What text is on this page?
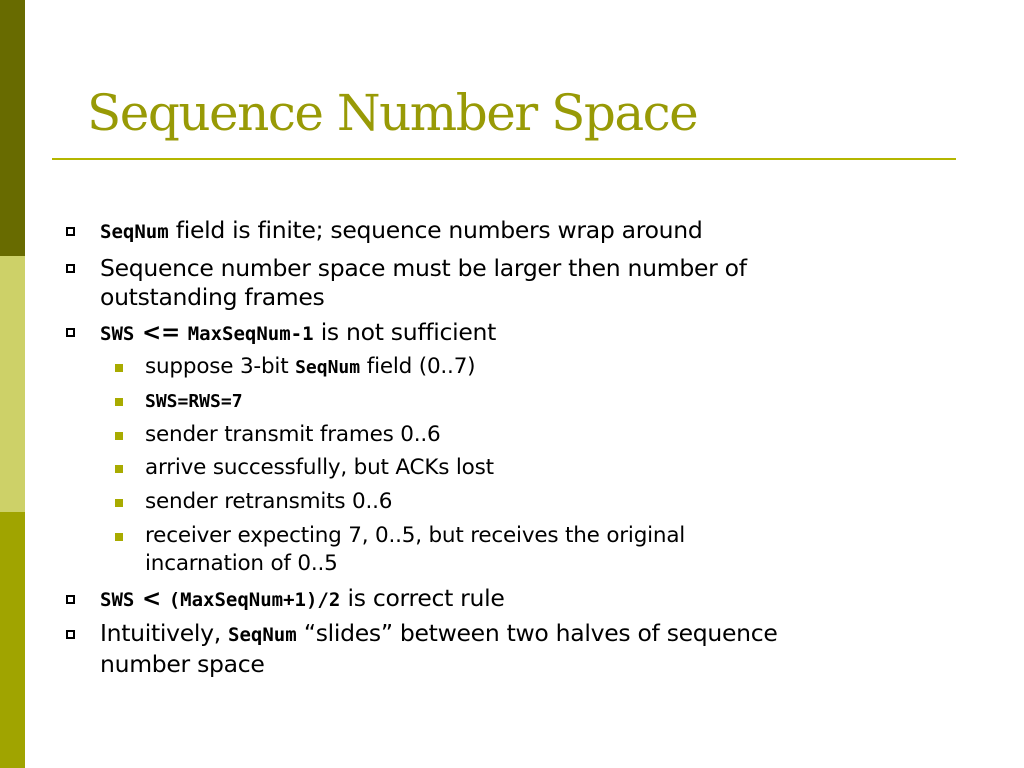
Sequence Number Space
SeqNum field is finite; sequence numbers wrap around
Sequence number space must be larger then number of
outstanding frames
SWS <= MaxSeqNum-1 is not sufficient
suppose 3-bit SeqNum field (0..7)
SWS=RWS=7
sender transmit frames 0..6
arrive successfully, but ACKs lost
sender retransmits 0..6
receiver expecting 7, 0..5, but receives the original
incarnation of 0..5
SWS < (MaxSeqNum+1)/2 is correct rule
Intuitively, SeqNum “slides” between two halves of sequence
number space
